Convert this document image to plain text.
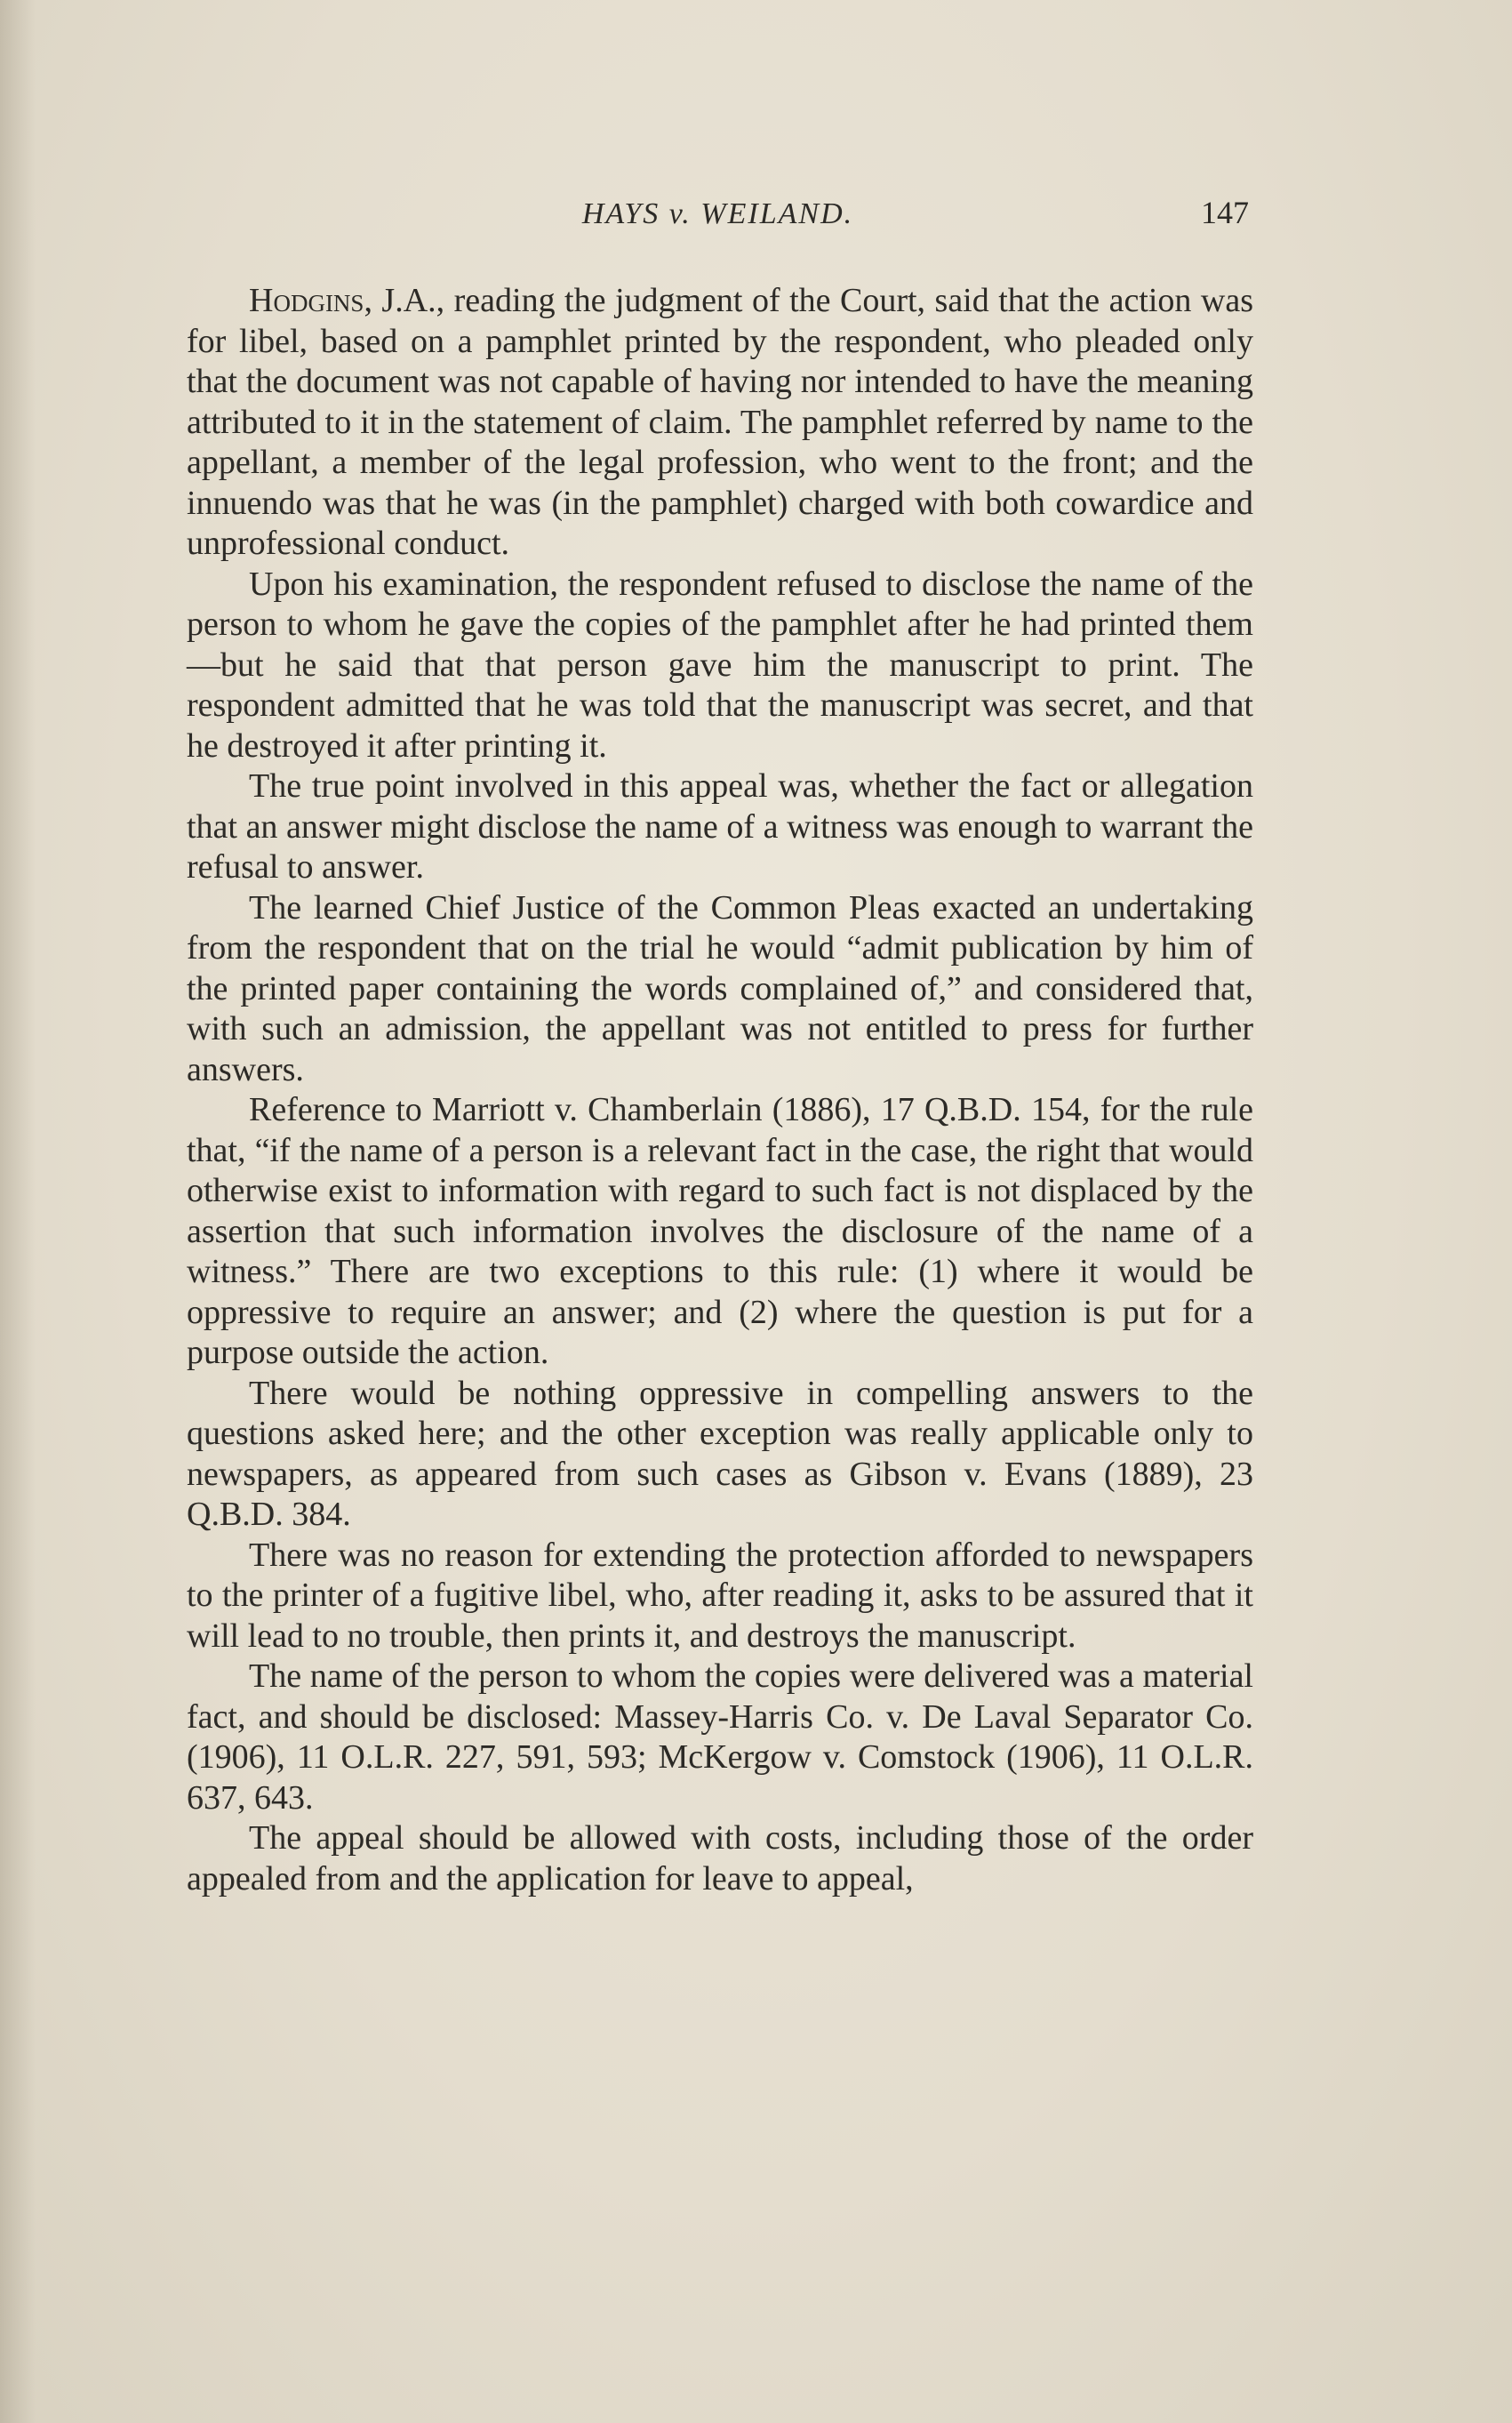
HAYS v. WEILAND.	147

Hodgins, J.A., reading the judgment of the Court, said that the action was for libel, based on a pamphlet printed by the respondent, who pleaded only that the document was not capable of having nor intended to have the meaning attributed to it in the statement of claim. The pamphlet referred by name to the appellant, a member of the legal profession, who went to the front; and the innuendo was that he was (in the pamphlet) charged with both cowardice and unprofessional conduct.

Upon his examination, the respondent refused to disclose the name of the person to whom he gave the copies of the pamphlet after he had printed them—but he said that that person gave him the manuscript to print. The respondent admitted that he was told that the manuscript was secret, and that he destroyed it after printing it.

The true point involved in this appeal was, whether the fact or allegation that an answer might disclose the name of a witness was enough to warrant the refusal to answer.

The learned Chief Justice of the Common Pleas exacted an undertaking from the respondent that on the trial he would “admit publication by him of the printed paper containing the words complained of,” and considered that, with such an admission, the appellant was not entitled to press for further answers.

Reference to Marriott v. Chamberlain (1886), 17 Q.B.D. 154, for the rule that, “if the name of a person is a relevant fact in the case, the right that would otherwise exist to information with regard to such fact is not displaced by the assertion that such information involves the disclosure of the name of a witness.” There are two exceptions to this rule: (1) where it would be oppressive to require an answer; and (2) where the question is put for a purpose outside the action.

There would be nothing oppressive in compelling answers to the questions asked here; and the other exception was really applicable only to newspapers, as appeared from such cases as Gibson v. Evans (1889), 23 Q.B.D. 384.

There was no reason for extending the protection afforded to newspapers to the printer of a fugitive libel, who, after reading it, asks to be assured that it will lead to no trouble, then prints it, and destroys the manuscript.

The name of the person to whom the copies were delivered was a material fact, and should be disclosed: Massey-Harris Co. v. De Laval Separator Co. (1906), 11 O.L.R. 227, 591, 593; McKergow v. Comstock (1906), 11 O.L.R. 637, 643.

The appeal should be allowed with costs, including those of the order appealed from and the application for leave to appeal,
